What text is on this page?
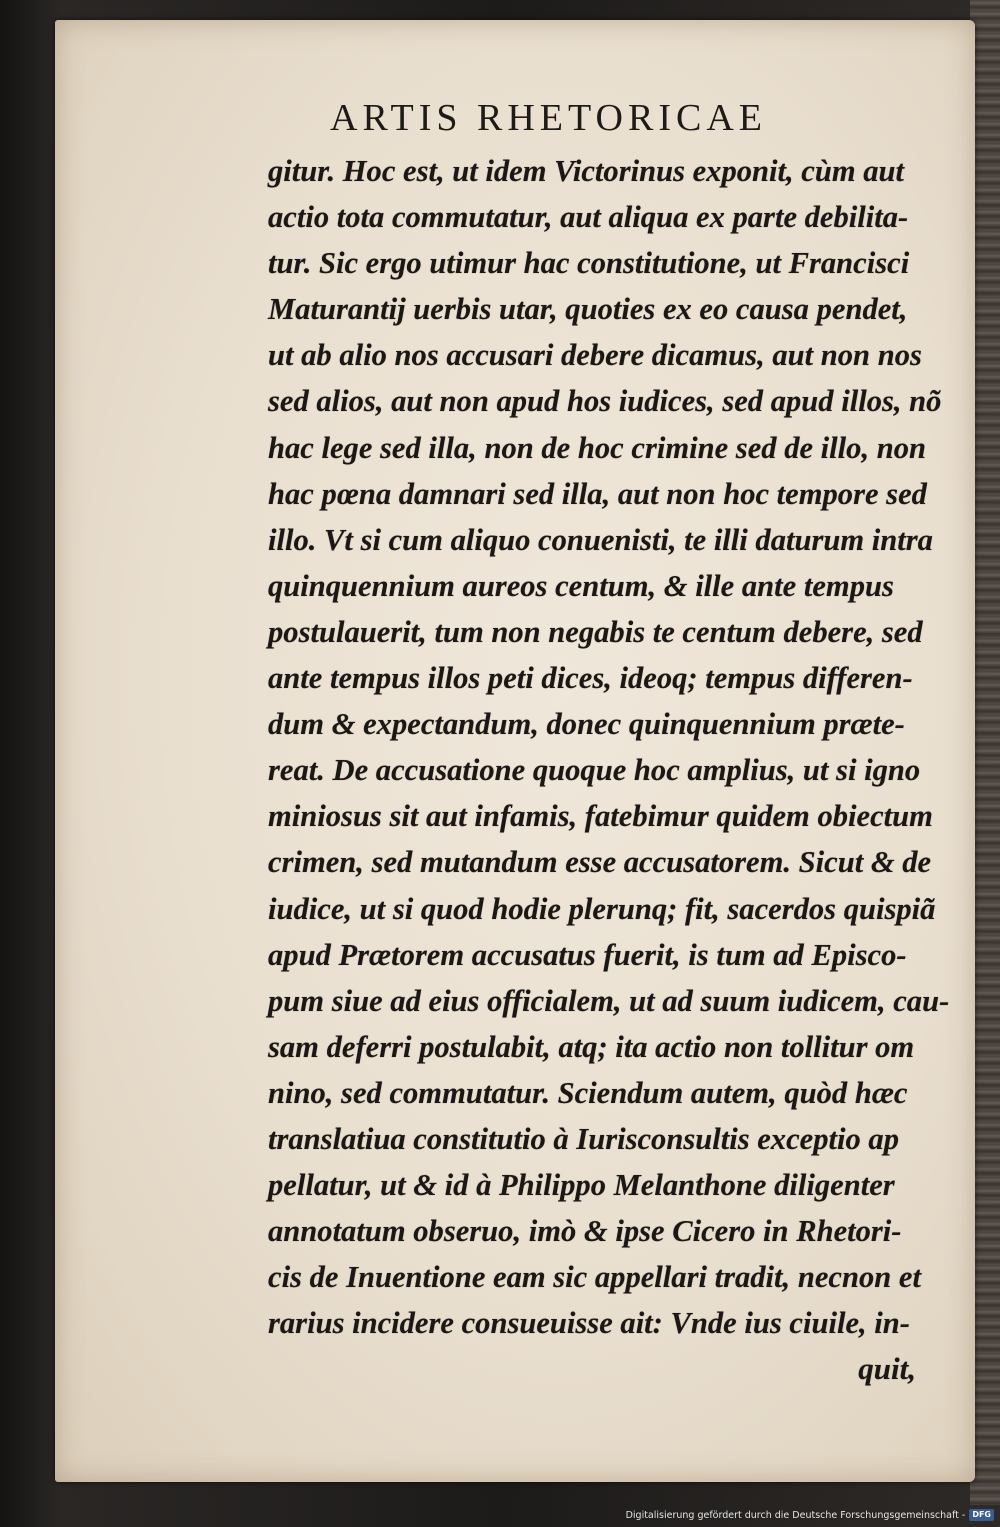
ARTIS RHETORICAE
gitur. Hoc est, ut idem Victorinus exponit, cùm aut
actio tota commutatur, aut aliqua ex parte debilita-
tur. Sic ergo utimur hac constitutione, ut Francisci
Maturantij uerbis utar, quoties ex eo causa pendet,
ut ab alio nos accusari debere dicamus, aut non nos
sed alios, aut non apud hos iudices, sed apud illos, nõ
hac lege sed illa, non de hoc crimine sed de illo, non
hac pœna damnari sed illa, aut non hoc tempore sed
illo. Vt si cum aliquo conuenisti, te illi daturum intra
quinquennium aureos centum, & ille ante tempus
postulauerit, tum non negabis te centum debere, sed
ante tempus illos peti dices, ideoq; tempus differen-
dum & expectandum, donec quinquennium præte-
reat. De accusatione quoque hoc amplius, ut si igno
miniosus sit aut infamis, fatebimur quidem obiectum
crimen, sed mutandum esse accusatorem. Sicut & de
iudice, ut si quod hodie plerunq; fit, sacerdos quispiã
apud Prætorem accusatus fuerit, is tum ad Episco-
pum siue ad eius officialem, ut ad suum iudicem, cau-
sam deferri postulabit, atq; ita actio non tollitur om
nino, sed commutatur. Sciendum autem, quòd hæc
translatiua constitutio à Iurisconsultis exceptio ap
pellatur, ut & id à Philippo Melanthone diligenter
annotatum obseruo, imò & ipse Cicero in Rhetori-
cis de Inuentione eam sic appellari tradit, necnon et
rarius incidere consueuisse ait: Vnde ius ciuile, in-
quit,
Digitalisierung gefördert durch die Deutsche Forschungsgemeinschaft - DFG
